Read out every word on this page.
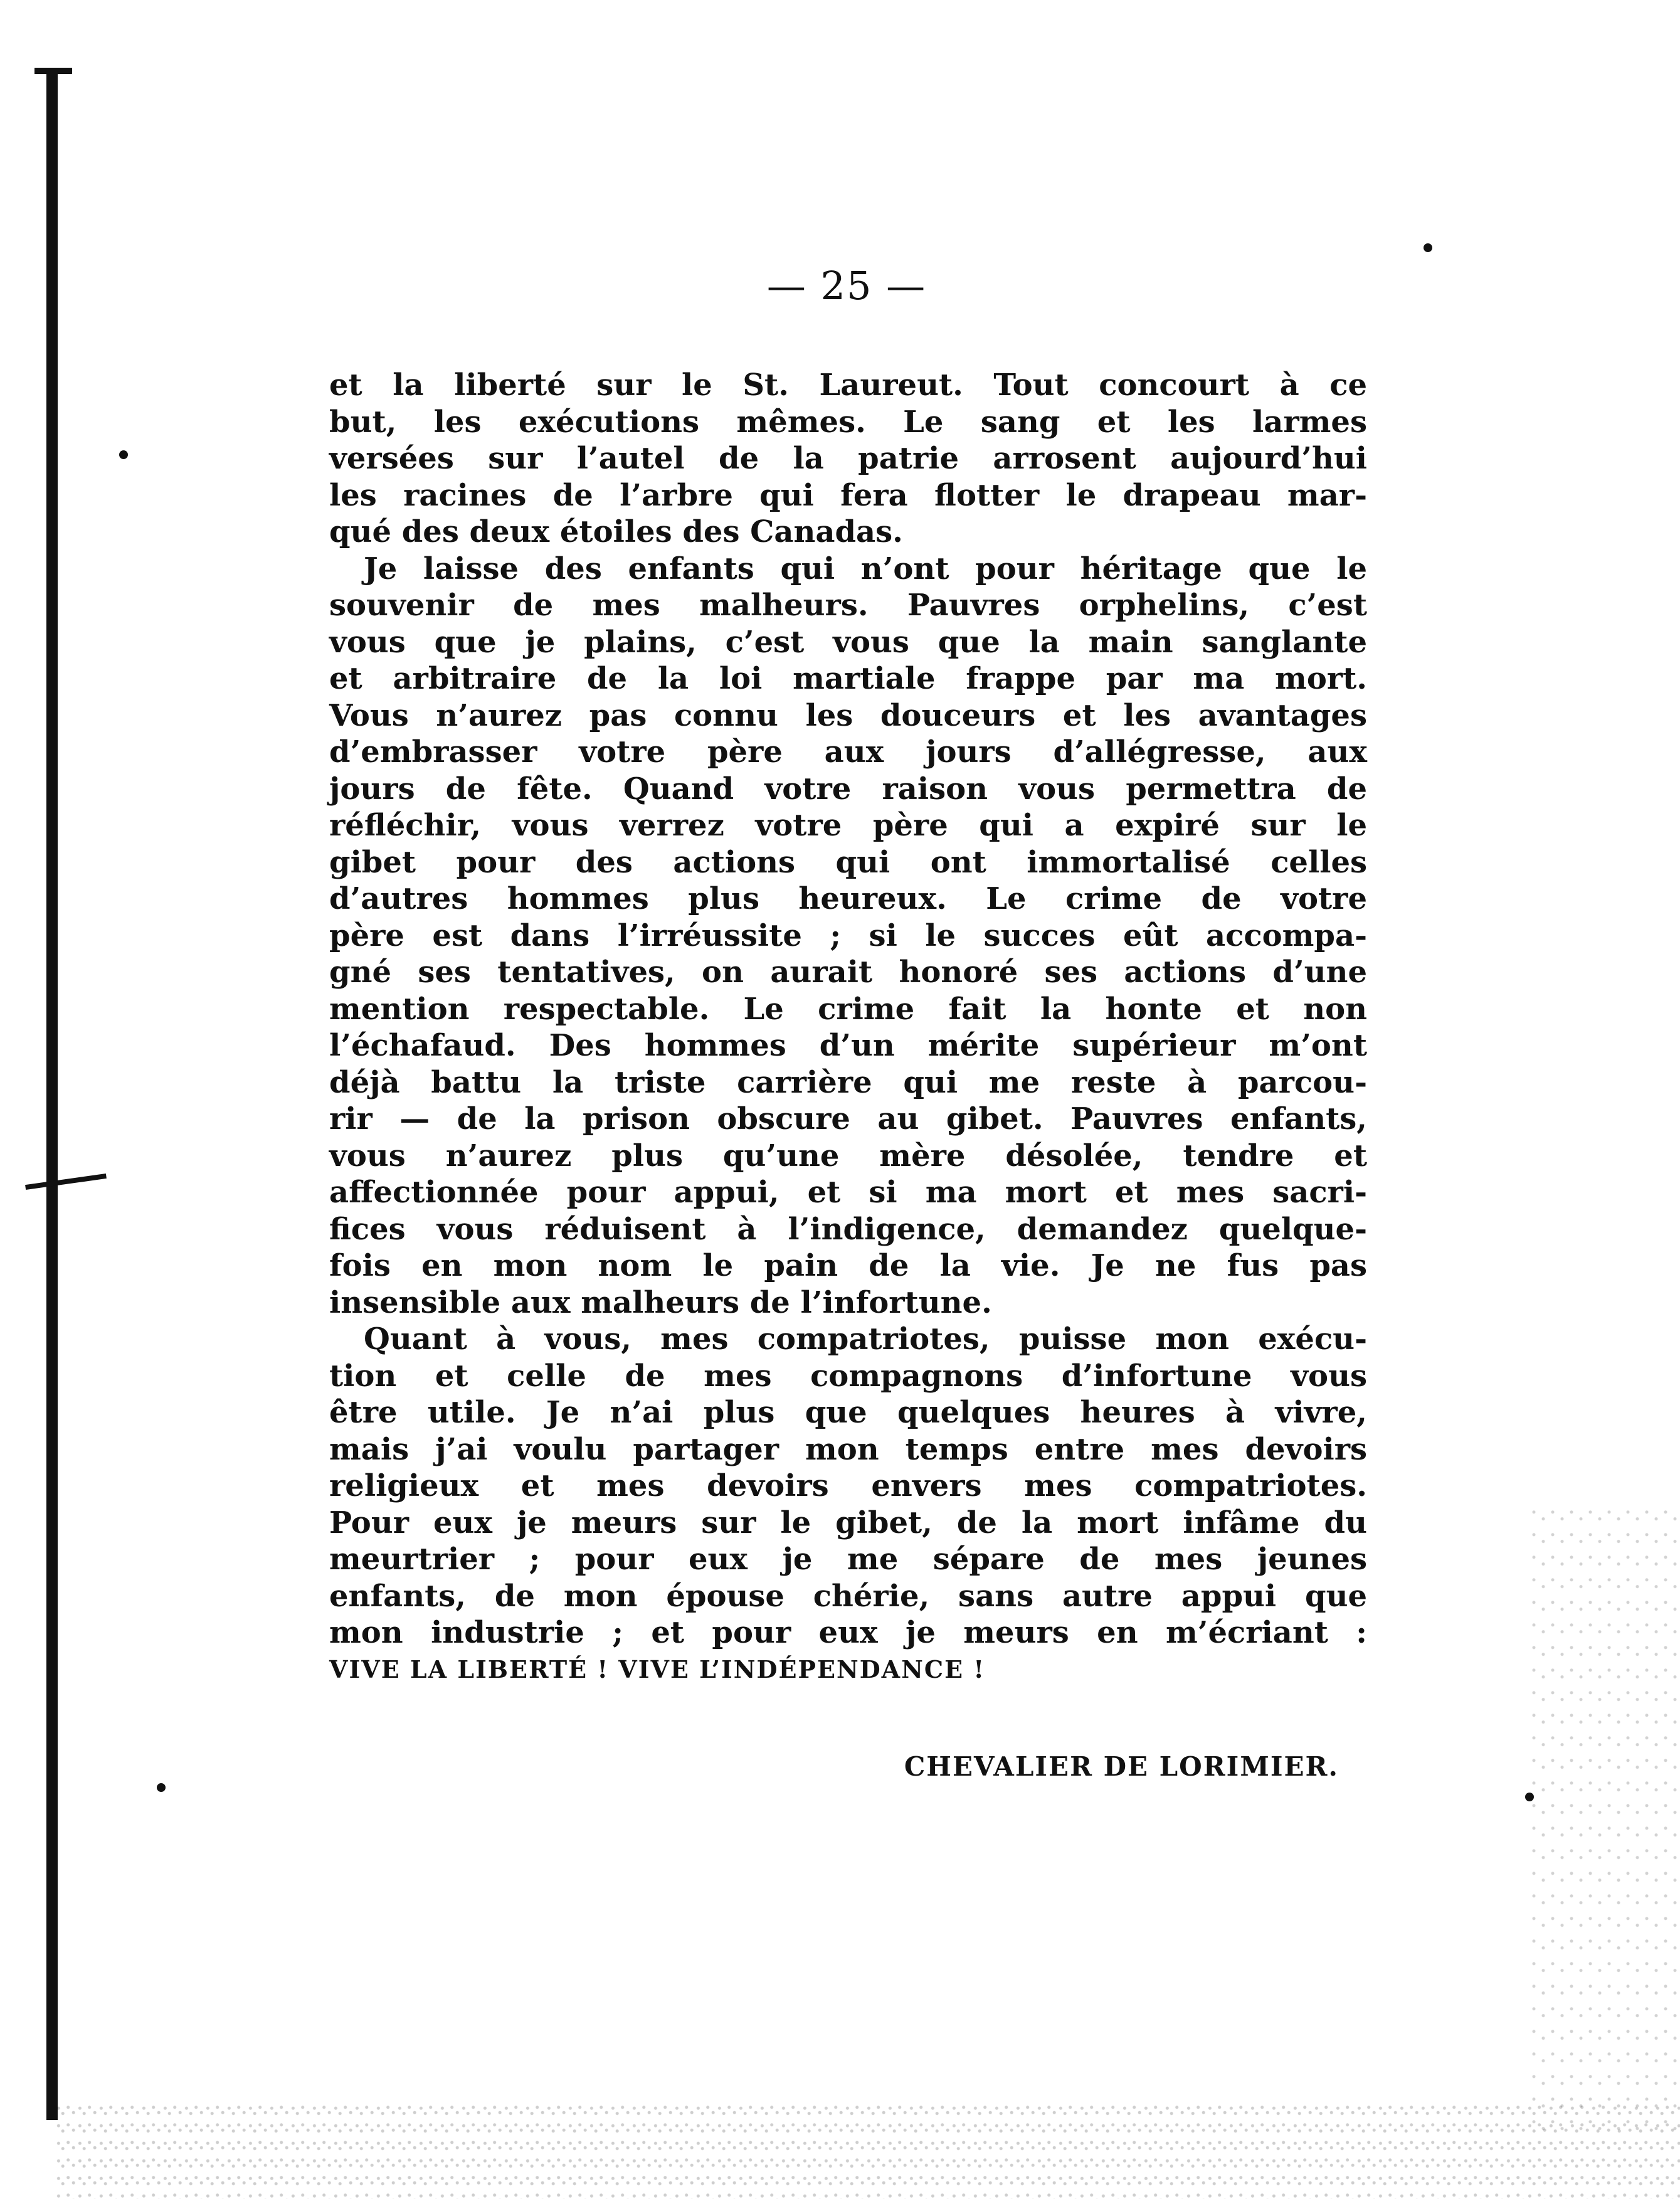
— 25 —
et la liberté sur le St. Laureut. Tout concourt à ce
but, les exécutions mêmes. Le sang et les larmes
versées sur l’autel de la patrie arrosent aujourd’hui
les racines de l’arbre qui fera flotter le drapeau mar-
qué des deux étoiles des Canadas.
Je laisse des enfants qui n’ont pour héritage que le
souvenir de mes malheurs. Pauvres orphelins, c’est
vous que je plains, c’est vous que la main sanglante
et arbitraire de la loi martiale frappe par ma mort.
Vous n’aurez pas connu les douceurs et les avantages
d’embrasser votre père aux jours d’allégresse, aux
jours de fête. Quand votre raison vous permettra de
réfléchir, vous verrez votre père qui a expiré sur le
gibet pour des actions qui ont immortalisé celles
d’autres hommes plus heureux. Le crime de votre
père est dans l’irréussite ; si le succes eût accompa-
gné ses tentatives, on aurait honoré ses actions d’une
mention respectable. Le crime fait la honte et non
l’échafaud. Des hommes d’un mérite supérieur m’ont
déjà battu la triste carrière qui me reste à parcou-
rir — de la prison obscure au gibet. Pauvres enfants,
vous n’aurez plus qu’une mère désolée, tendre et
affectionnée pour appui, et si ma mort et mes sacri-
fices vous réduisent à l’indigence, demandez quelque-
fois en mon nom le pain de la vie. Je ne fus pas
insensible aux malheurs de l’infortune.
Quant à vous, mes compatriotes, puisse mon exécu-
tion et celle de mes compagnons d’infortune vous
être utile. Je n’ai plus que quelques heures à vivre,
mais j’ai voulu partager mon temps entre mes devoirs
religieux et mes devoirs envers mes compatriotes.
Pour eux je meurs sur le gibet, de la mort infâme du
meurtrier ; pour eux je me sépare de mes jeunes
enfants, de mon épouse chérie, sans autre appui que
mon industrie ; et pour eux je meurs en m’écriant :
VIVE LA LIBERTÉ ! VIVE L’INDÉPENDANCE !
CHEVALIER DE LORIMIER.
